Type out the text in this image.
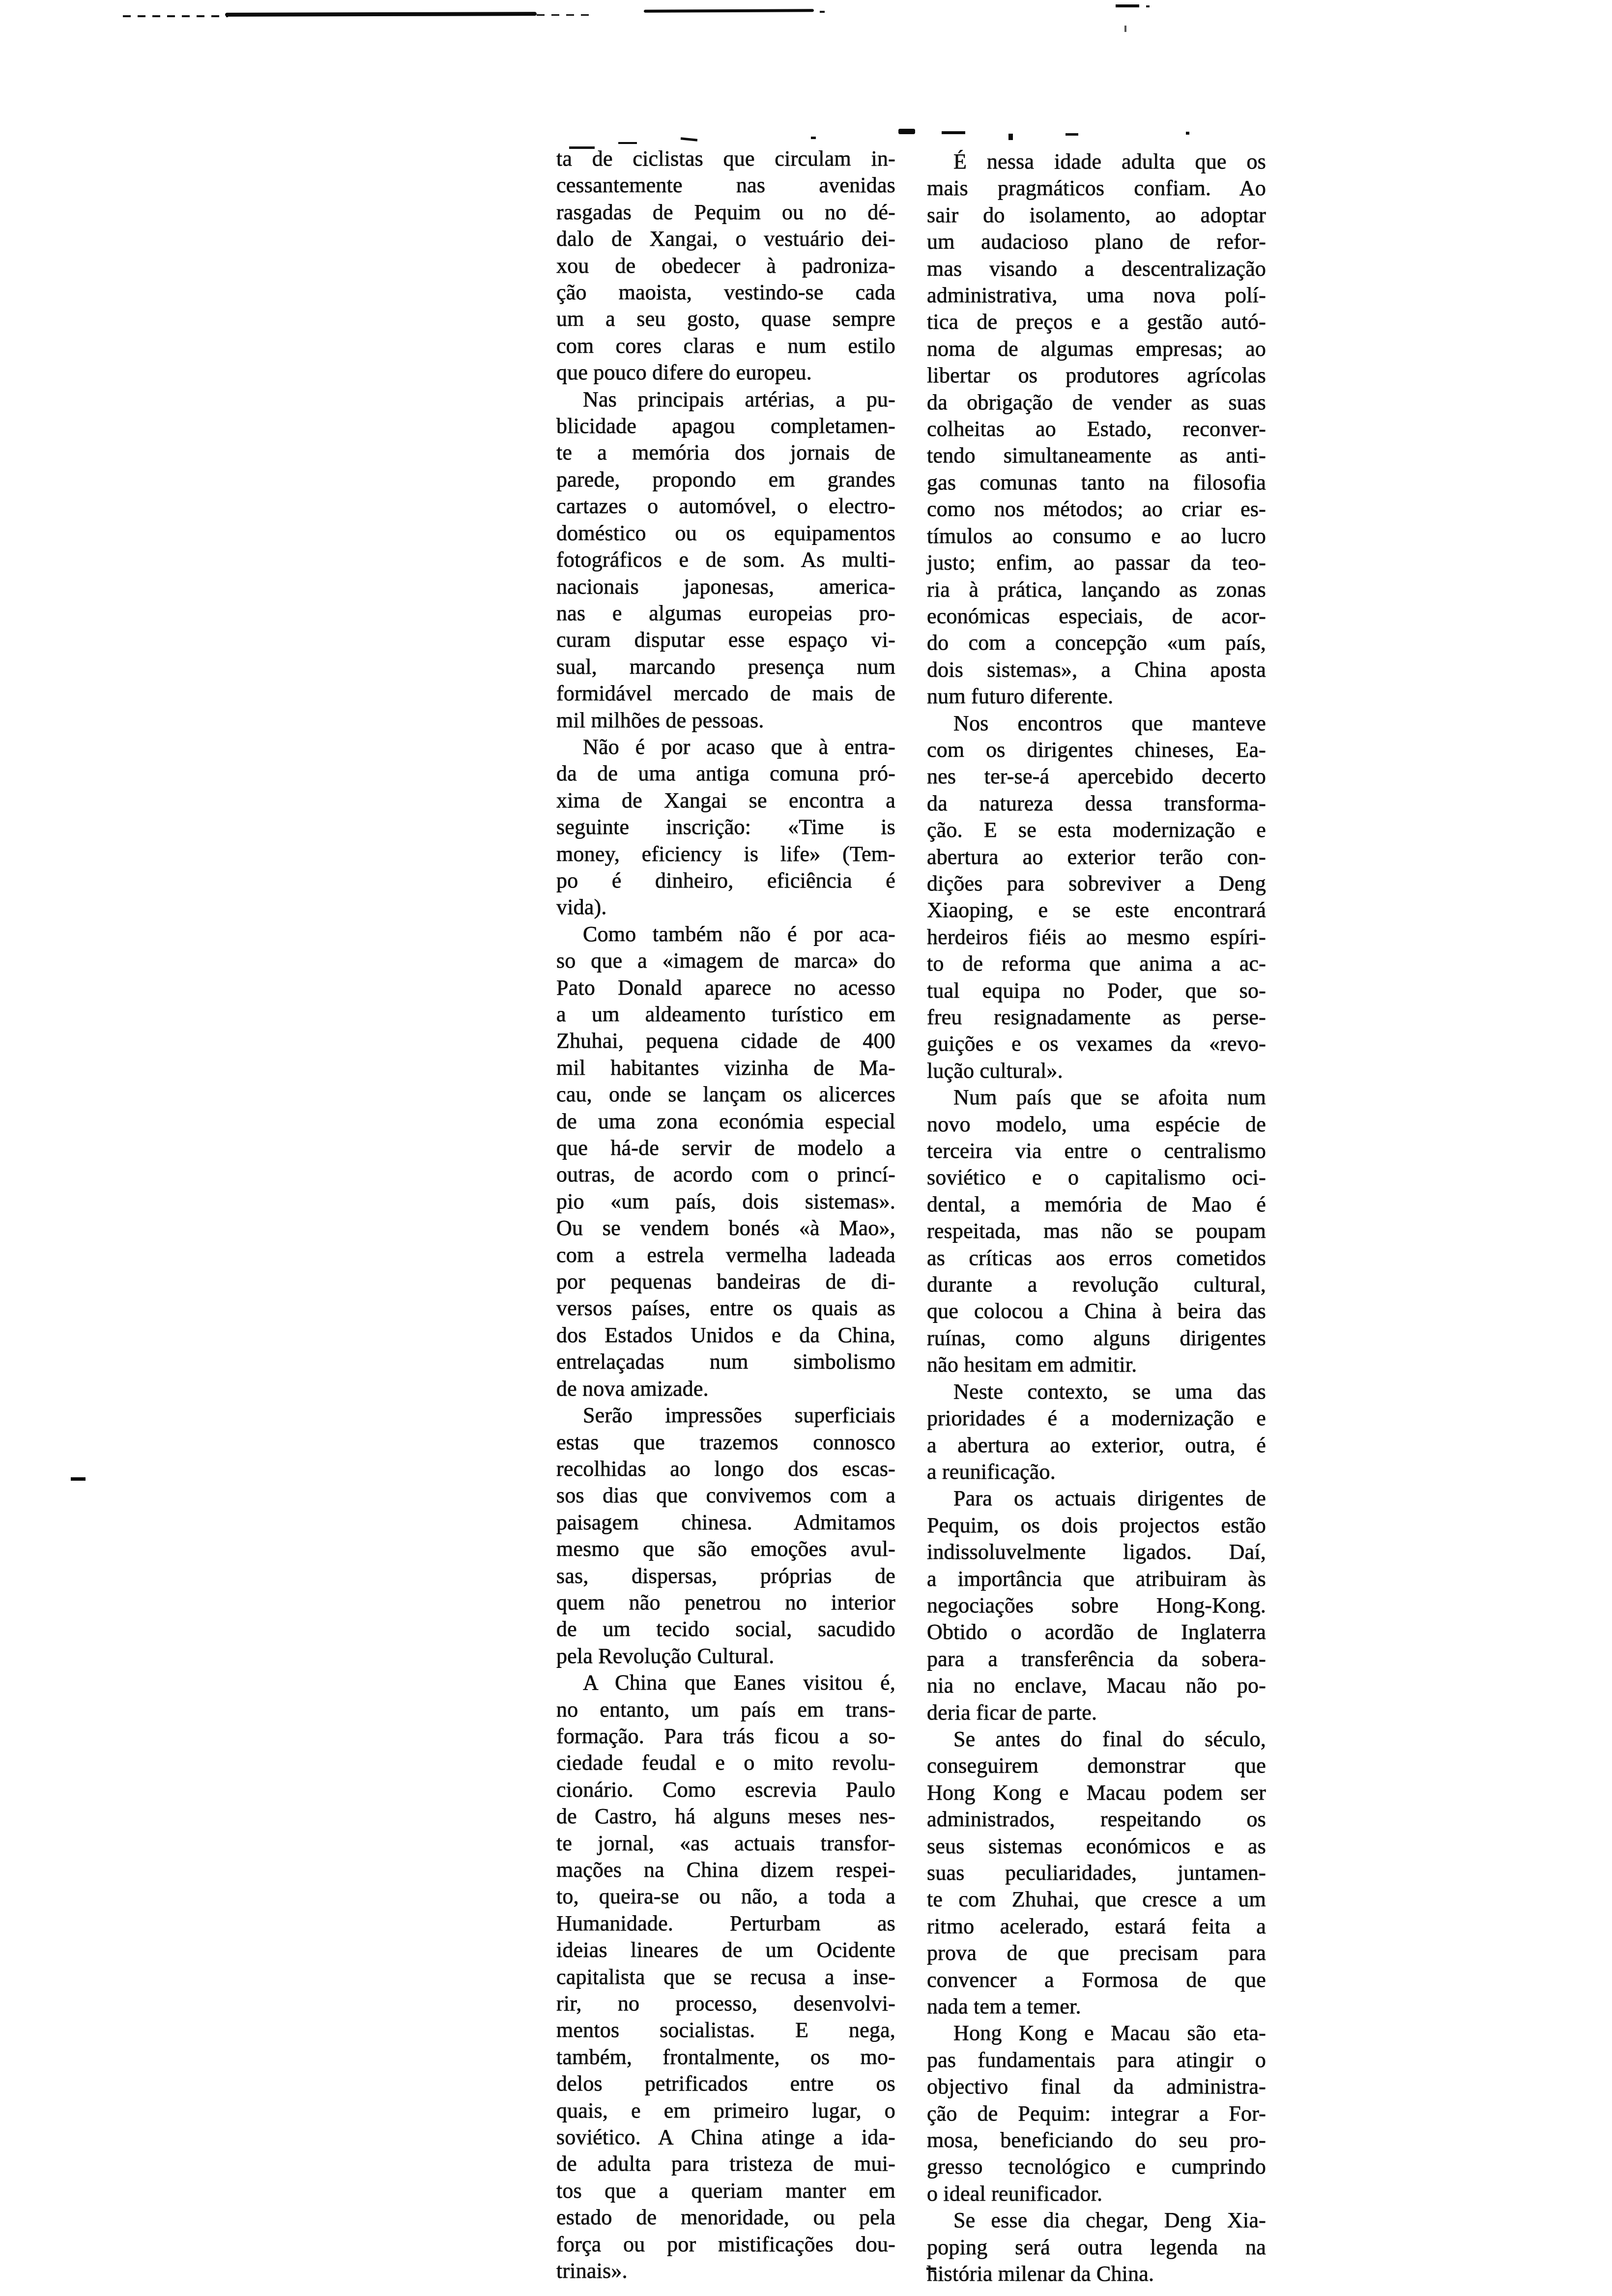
ta de ciclistas que circulam in-
cessantemente nas avenidas
rasgadas de Pequim ou no dé-
dalo de Xangai, o vestuário dei-
xou de obedecer à padroniza-
ção maoista, vestindo-se cada
um a seu gosto, quase sempre
com cores claras e num estilo
que pouco difere do europeu.
Nas principais artérias, a pu-
blicidade apagou completamen-
te a memória dos jornais de
parede, propondo em grandes
cartazes o automóvel, o electro-
doméstico ou os equipamentos
fotográficos e de som. As multi-
nacionais japonesas, america-
nas e algumas europeias pro-
curam disputar esse espaço vi-
sual, marcando presença num
formidável mercado de mais de
mil milhões de pessoas.
Não é por acaso que à entra-
da de uma antiga comuna pró-
xima de Xangai se encontra a
seguinte inscrição: «Time is
money, eficiency is life» (Tem-
po é dinheiro, eficiência é
vida).
Como também não é por aca-
so que a «imagem de marca» do
Pato Donald aparece no acesso
a um aldeamento turístico em
Zhuhai, pequena cidade de 400
mil habitantes vizinha de Ma-
cau, onde se lançam os alicerces
de uma zona económia especial
que há-de servir de modelo a
outras, de acordo com o princí-
pio «um país, dois sistemas».
Ou se vendem bonés «à Mao»,
com a estrela vermelha ladeada
por pequenas bandeiras de di-
versos países, entre os quais as
dos Estados Unidos e da China,
entrelaçadas num simbolismo
de nova amizade.
Serão impressões superficiais
estas que trazemos connosco
recolhidas ao longo dos escas-
sos dias que convivemos com a
paisagem chinesa. Admitamos
mesmo que são emoções avul-
sas, dispersas, próprias de
quem não penetrou no interior
de um tecido social, sacudido
pela Revolução Cultural.
A China que Eanes visitou é,
no entanto, um país em trans-
formação. Para trás ficou a so-
ciedade feudal e o mito revolu-
cionário. Como escrevia Paulo
de Castro, há alguns meses nes-
te jornal, «as actuais transfor-
mações na China dizem respei-
to, queira-se ou não, a toda a
Humanidade. Perturbam as
ideias lineares de um Ocidente
capitalista que se recusa a inse-
rir, no processo, desenvolvi-
mentos socialistas. E nega,
também, frontalmente, os mo-
delos petrificados entre os
quais, e em primeiro lugar, o
soviético. A China atinge a ida-
de adulta para tristeza de mui-
tos que a queriam manter em
estado de menoridade, ou pela
força ou por mistificações dou-
trinais».
É nessa idade adulta que os
mais pragmáticos confiam. Ao
sair do isolamento, ao adoptar
um audacioso plano de refor-
mas visando a descentralização
administrativa, uma nova polí-
tica de preços e a gestão autó-
noma de algumas empresas; ao
libertar os produtores agrícolas
da obrigação de vender as suas
colheitas ao Estado, reconver-
tendo simultaneamente as anti-
gas comunas tanto na filosofia
como nos métodos; ao criar es-
tímulos ao consumo e ao lucro
justo; enfim, ao passar da teo-
ria à prática, lançando as zonas
económicas especiais, de acor-
do com a concepção «um país,
dois sistemas», a China aposta
num futuro diferente.
Nos encontros que manteve
com os dirigentes chineses, Ea-
nes ter-se-á apercebido decerto
da natureza dessa transforma-
ção. E se esta modernização e
abertura ao exterior terão con-
dições para sobreviver a Deng
Xiaoping, e se este encontrará
herdeiros fiéis ao mesmo espíri-
to de reforma que anima a ac-
tual equipa no Poder, que so-
freu resignadamente as perse-
guições e os vexames da «revo-
lução cultural».
Num país que se afoita num
novo modelo, uma espécie de
terceira via entre o centralismo
soviético e o capitalismo oci-
dental, a memória de Mao é
respeitada, mas não se poupam
as críticas aos erros cometidos
durante a revolução cultural,
que colocou a China à beira das
ruínas, como alguns dirigentes
não hesitam em admitir.
Neste contexto, se uma das
prioridades é a modernização e
a abertura ao exterior, outra, é
a reunificação.
Para os actuais dirigentes de
Pequim, os dois projectos estão
indissoluvelmente ligados. Daí,
a importância que atribuiram às
negociações sobre Hong-Kong.
Obtido o acordão de Inglaterra
para a transferência da sobera-
nia no enclave, Macau não po-
deria ficar de parte.
Se antes do final do século,
conseguirem demonstrar que
Hong Kong e Macau podem ser
administrados, respeitando os
seus sistemas económicos e as
suas peculiaridades, juntamen-
te com Zhuhai, que cresce a um
ritmo acelerado, estará feita a
prova de que precisam para
convencer a Formosa de que
nada tem a temer.
Hong Kong e Macau são eta-
pas fundamentais para atingir o
objectivo final da administra-
ção de Pequim: integrar a For-
mosa, beneficiando do seu pro-
gresso tecnológico e cumprindo
o ideal reunificador.
Se esse dia chegar, Deng Xia-
poping será outra legenda na
história milenar da China.
